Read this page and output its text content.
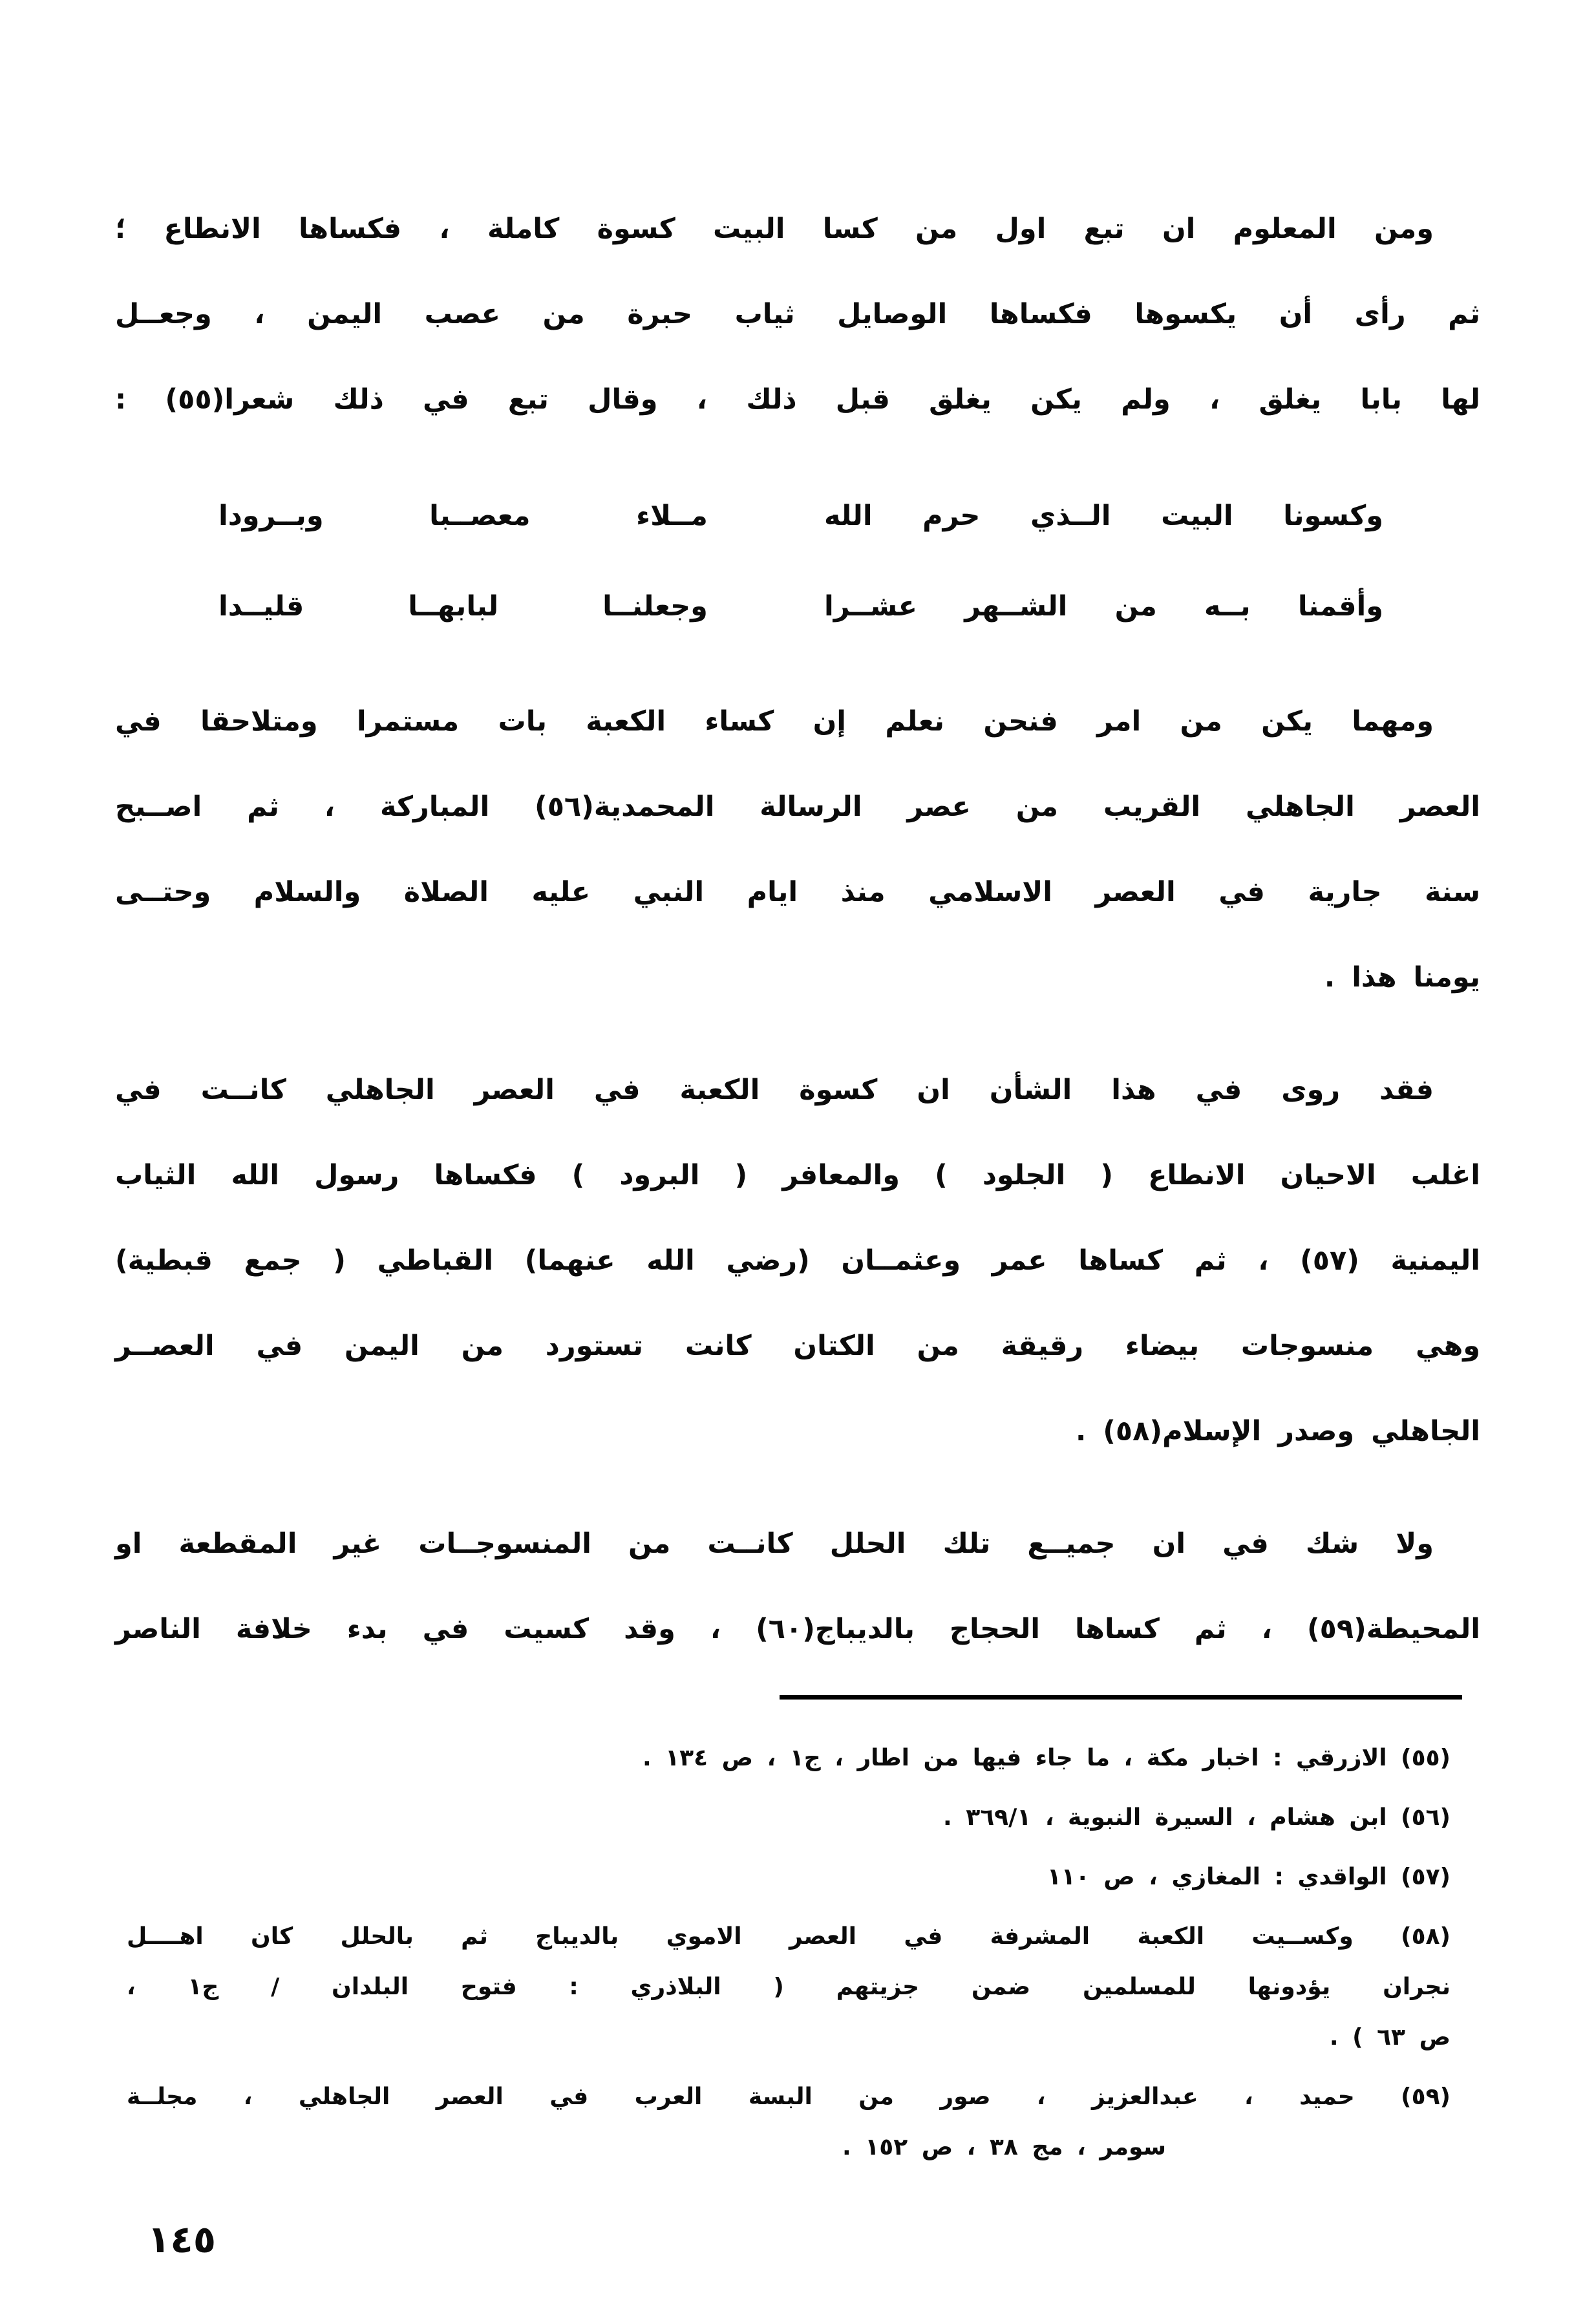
ومن المعلوم ان تبع اول من كسا البيت كسوة كاملة ، فكساها الانطاع ؛
ثم رأى أن يكسوها فكساها الوصايل ثياب حبرة من عصب اليمن ، وجعــل
لها بابا يغلق ، ولم يكن يغلق قبل ذلك ، وقال تبع في ذلك شعرا(٥٥) :
وكسونا البيت الــذي حرم الله
مــلاء معصــبا وبــرودا
وأقمنا بــه من الشــهر عشــرا
وجعلنــا لبابهــا قليــدا
ومهما يكن من امر فنحن نعلم إن كساء الكعبة بات مستمرا ومتلاحقا في
العصر الجاهلي القريب من عصر الرسالة المحمدية(٥٦) المباركة ، ثم اصــبح
سنة جارية في العصر الاسلامي منذ ايام النبي عليه الصلاة والسلام وحتــى
يومنا هذا .
فقد روى في هذا الشأن ان كسوة الكعبة في العصر الجاهلي كانــت في
اغلب الاحيان الانطاع ( الجلود ) والمعافر ( البرود ) فكساها رسول الله الثياب
اليمنية (٥٧) ، ثم كساها عمر وعثمــان (رضي الله عنهما) القباطي ( جمع قبطية)
وهي منسوجات بيضاء رقيقة من الكتان كانت تستورد من اليمن في العصــر
الجاهلي وصدر الإسلام(٥٨) .
ولا شك في ان جميــع تلك الحلل كانــت من المنسوجــات غير المقطعة او
المحيطة(٥٩) ، ثم كساها الحجاج بالديباج(٦٠) ، وقد كسيت في بدء خلافة الناصر
(٥٥) الازرقي : اخبار مكة ، ما جاء فيها من اطار ، ج١ ، ص ١٣٤ .
(٥٦) ابن هشام ، السيرة النبوية ، ٣٦٩/١ .
(٥٧) الواقدي : المغازي ، ص ١١٠
(٥٨) وكســيت الكعبة المشرفة في العصر الاموي بالديباج ثم بالحلل كان اهــــل
نجران يؤدونها للمسلمين ضمن جزيتهم ( البلاذري : فتوح البلدان / ج١ ،
ص ٦٣ ) .
(٥٩) حميد ، عبدالعزيز ، صور من البسة العرب في العصر الجاهلي ، مجلــة
سومر ، مج ٣٨ ، ص ١٥٢ .
١٤٥
